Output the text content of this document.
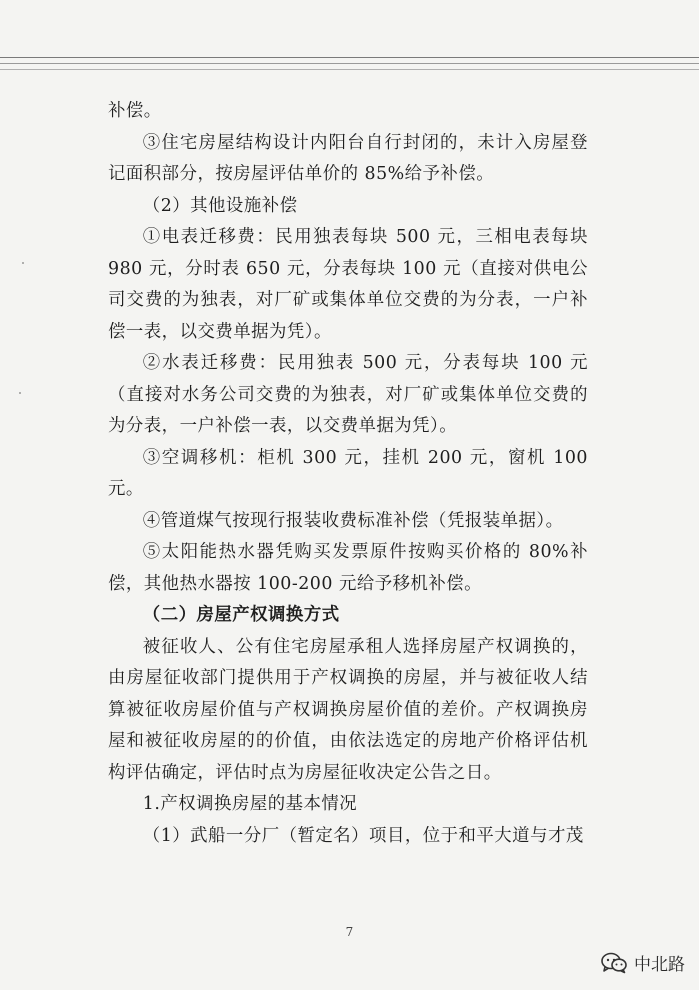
补偿。

③住宅房屋结构设计内阳台自行封闭的，未计入房屋登记面积部分，按房屋评估单价的 85%给予补偿。

（2）其他设施补偿

①电表迁移费：民用独表每块 500 元，三相电表每块 980 元，分时表 650 元，分表每块 100 元（直接对供电公司交费的为独表，对厂矿或集体单位交费的为分表，一户补偿一表，以交费单据为凭）。

②水表迁移费：民用独表 500 元，分表每块 100 元（直接对水务公司交费的为独表，对厂矿或集体单位交费的为分表，一户补偿一表，以交费单据为凭）。

③空调移机：柜机 300 元，挂机 200 元，窗机 100 元。

④管道煤气按现行报装收费标准补偿（凭报装单据）。

⑤太阳能热水器凭购买发票原件按购买价格的 80%补偿，其他热水器按 100-200 元给予移机补偿。

（二）房屋产权调换方式

被征收人、公有住宅房屋承租人选择房屋产权调换的，由房屋征收部门提供用于产权调换的房屋，并与被征收人结算被征收房屋价值与产权调换房屋价值的差价。产权调换房屋和被征收房屋的的价值，由依法选定的房地产价格评估机构评估确定，评估时点为房屋征收决定公告之日。

1.产权调换房屋的基本情况

（1）武船一分厂（暂定名）项目，位于和平大道与才茂

7
中北路
